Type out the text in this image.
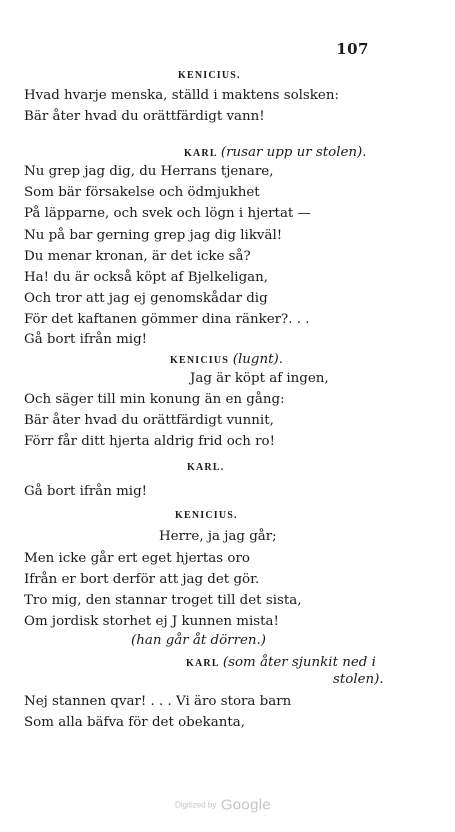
107
KENICIUS.
Hvad hvarje menska, ställd i maktens solsken:
Bär åter hvad du orättfärdigt vann!
KARL (rusar upp ur stolen).
Nu grep jag dig, du Herrans tjenare,
Som bär försakelse och ödmjukhet
På läpparne, och svek och lögn i hjertat —
Nu på bar gerning grep jag dig likväl!
Du menar kronan, är det icke så?
Ha! du är också köpt af Bjelkeligan,
Och tror att jag ej genomskådar dig
För det kaftanen gömmer dina ränker?. . .
Gå bort ifrån mig!
KENICIUS (lugnt).
Jag är köpt af ingen,
Och säger till min konung än en gång:
Bär åter hvad du orättfärdigt vunnit,
Förr får ditt hjerta aldrig frid och ro!
KARL.
Gå bort ifrån mig!
KENICIUS.
Herre, ja jag går;
Men icke går ert eget hjertas oro
Ifrån er bort derför att jag det gör.
Tro mig, den stannar troget till det sista,
Om jordisk storhet ej J kunnen mista!
(han går åt dörren.)
KARL (som åter sjunkit ned i
stolen).
Nej stannen qvar! . . . Vi äro stora barn
Som alla bäfva för det obekanta,
Digitized by Google
